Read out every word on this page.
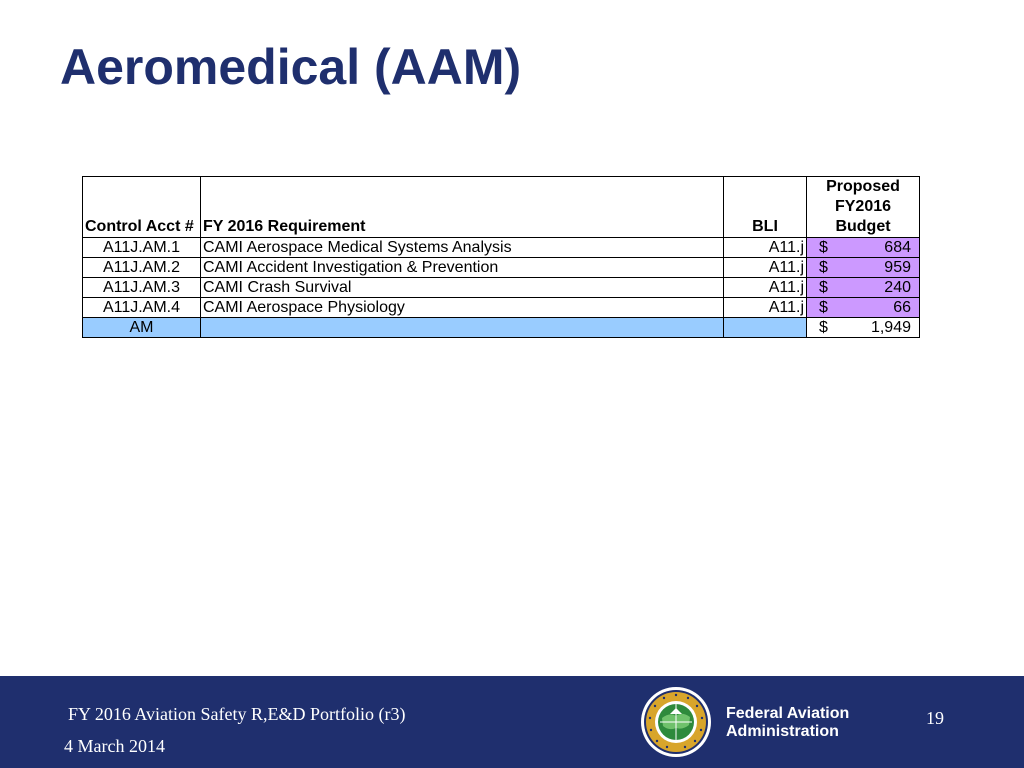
Aeromedical (AAM)
Control Acct #	FY 2016 Requirement	BLI	Proposed
FY2016
Budget

A11J.AM.1	CAMI Aerospace Medical Systems Analysis	A11.j	$ 684

A11J.AM.2	CAMI Accident Investigation & Prevention	A11.j	$ 959

A11J.AM.3	CAMI Crash Survival	A11.j	$ 240

A11J.AM.4	CAMI Aerospace Physiology	A11.j	$ 66

AM			$ 1,949
FY 2016 Aviation Safety R,E&D Portfolio (r3)
4 March 2014
Federal Aviation
Administration
19
